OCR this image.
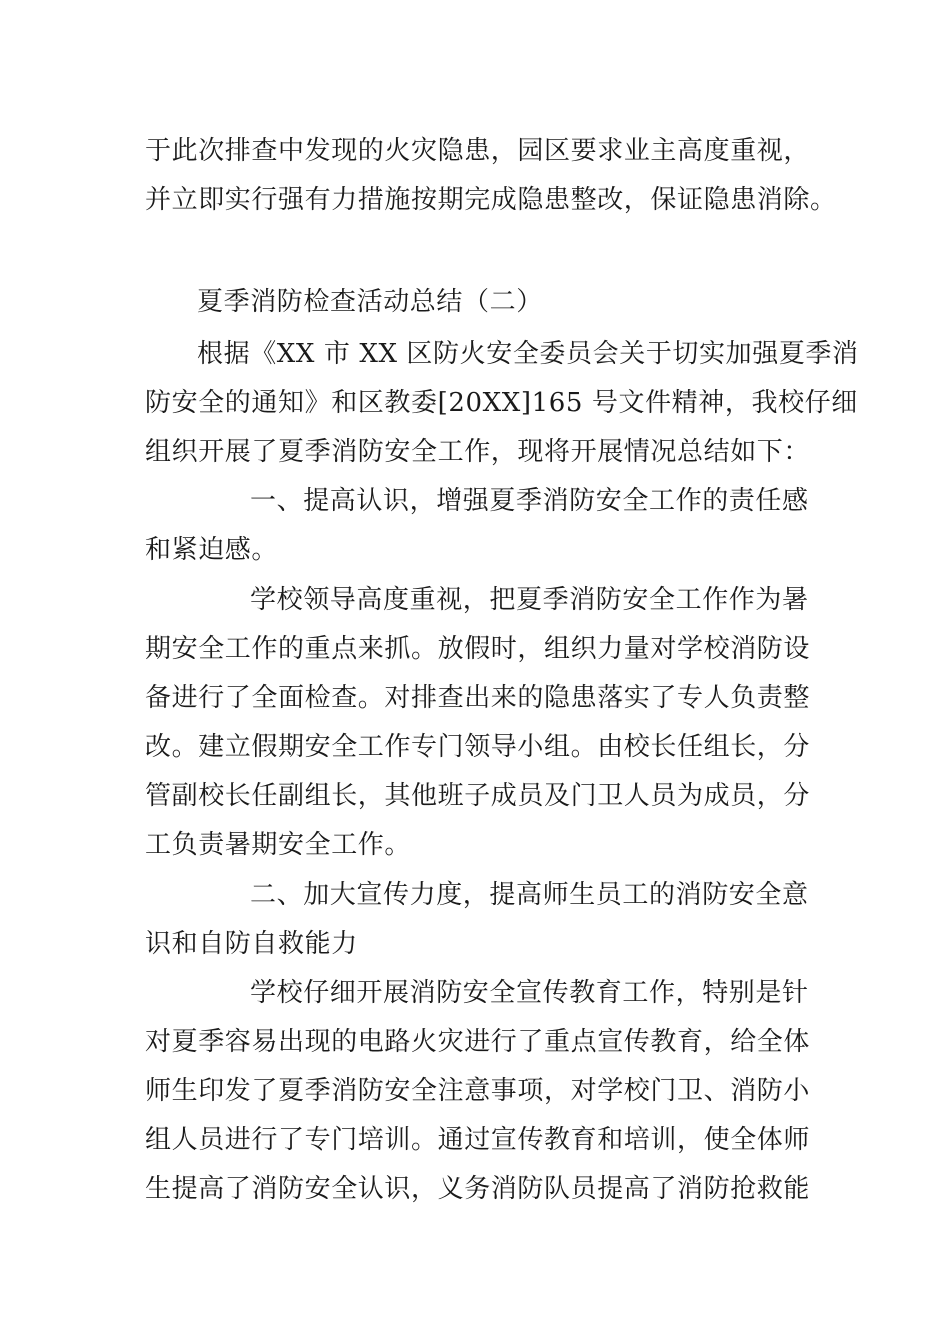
于此次排查中发现的火灾隐患，园区要求业主高度重视，
并立即实行强有力措施按期完成隐患整改，保证隐患消除。
夏季消防检查活动总结（二）
根据《XX 市 XX 区防火安全委员会关于切实加强夏季消
防安全的通知》和区教委[20XX]165 号文件精神，我校仔细
组织开展了夏季消防安全工作，现将开展情况总结如下：
一、提高认识，增强夏季消防安全工作的责任感
和紧迫感。
学校领导高度重视，把夏季消防安全工作作为暑
期安全工作的重点来抓。放假时，组织力量对学校消防设
备进行了全面检查。对排查出来的隐患落实了专人负责整
改。建立假期安全工作专门领导小组。由校长任组长，分
管副校长任副组长，其他班子成员及门卫人员为成员，分
工负责暑期安全工作。
二、加大宣传力度，提高师生员工的消防安全意
识和自防自救能力
学校仔细开展消防安全宣传教育工作，特别是针
对夏季容易出现的电路火灾进行了重点宣传教育，给全体
师生印发了夏季消防安全注意事项，对学校门卫、消防小
组人员进行了专门培训。通过宣传教育和培训，使全体师
生提高了消防安全认识，义务消防队员提高了消防抢救能
